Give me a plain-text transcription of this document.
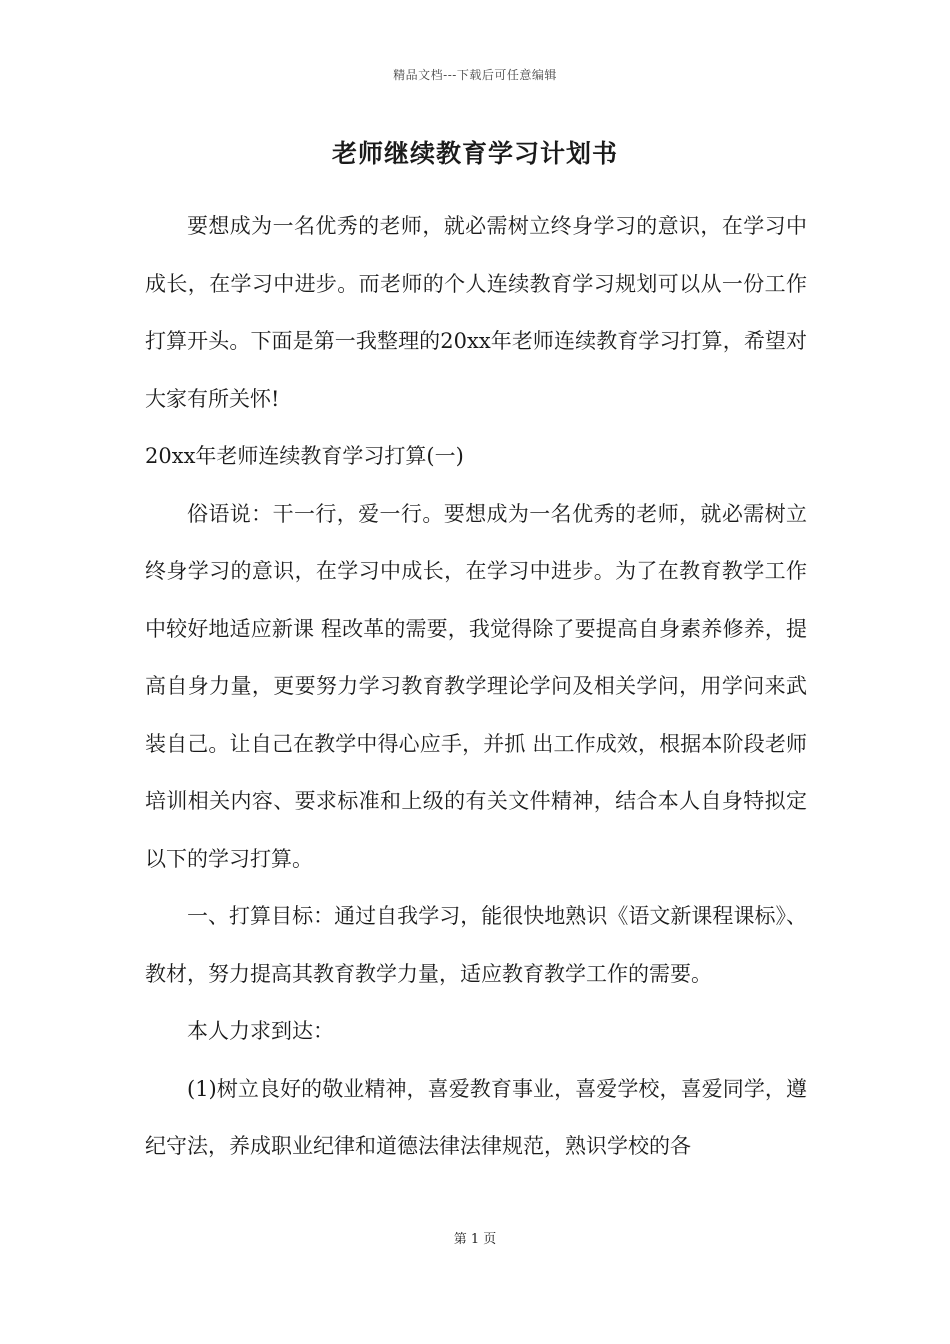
精品文档---下载后可任意编辑
老师继续教育学习计划书

要想成为一名优秀的老师，就必需树立终身学习的意识，在学习中成长，在学习中进步。而老师的个人连续教育学习规划可以从一份工作打算开头。下面是第一我整理的20xx年老师连续教育学习打算，希望对大家有所关怀!

20xx年老师连续教育学习打算(一)

俗语说：干一行，爱一行。要想成为一名优秀的老师，就必需树立终身学习的意识，在学习中成长，在学习中进步。为了在教育教学工作中较好地适应新课 程改革的需要，我觉得除了要提高自身素养修养，提高自身力量，更要努力学习教育教学理论学问及相关学问，用学问来武装自己。让自己在教学中得心应手，并抓 出工作成效，根据本阶段老师培训相关内容、要求标准和上级的有关文件精神，结合本人自身特拟定以下的学习打算。

一、打算目标：通过自我学习，能很快地熟识《语文新课程课标》、教材，努力提高其教育教学力量，适应教育教学工作的需要。

本人力求到达：

(1)树立良好的敬业精神，喜爱教育事业，喜爱学校，喜爱同学，遵纪守法，养成职业纪律和道德法律法律规范，熟识学校的各

第 1 页
